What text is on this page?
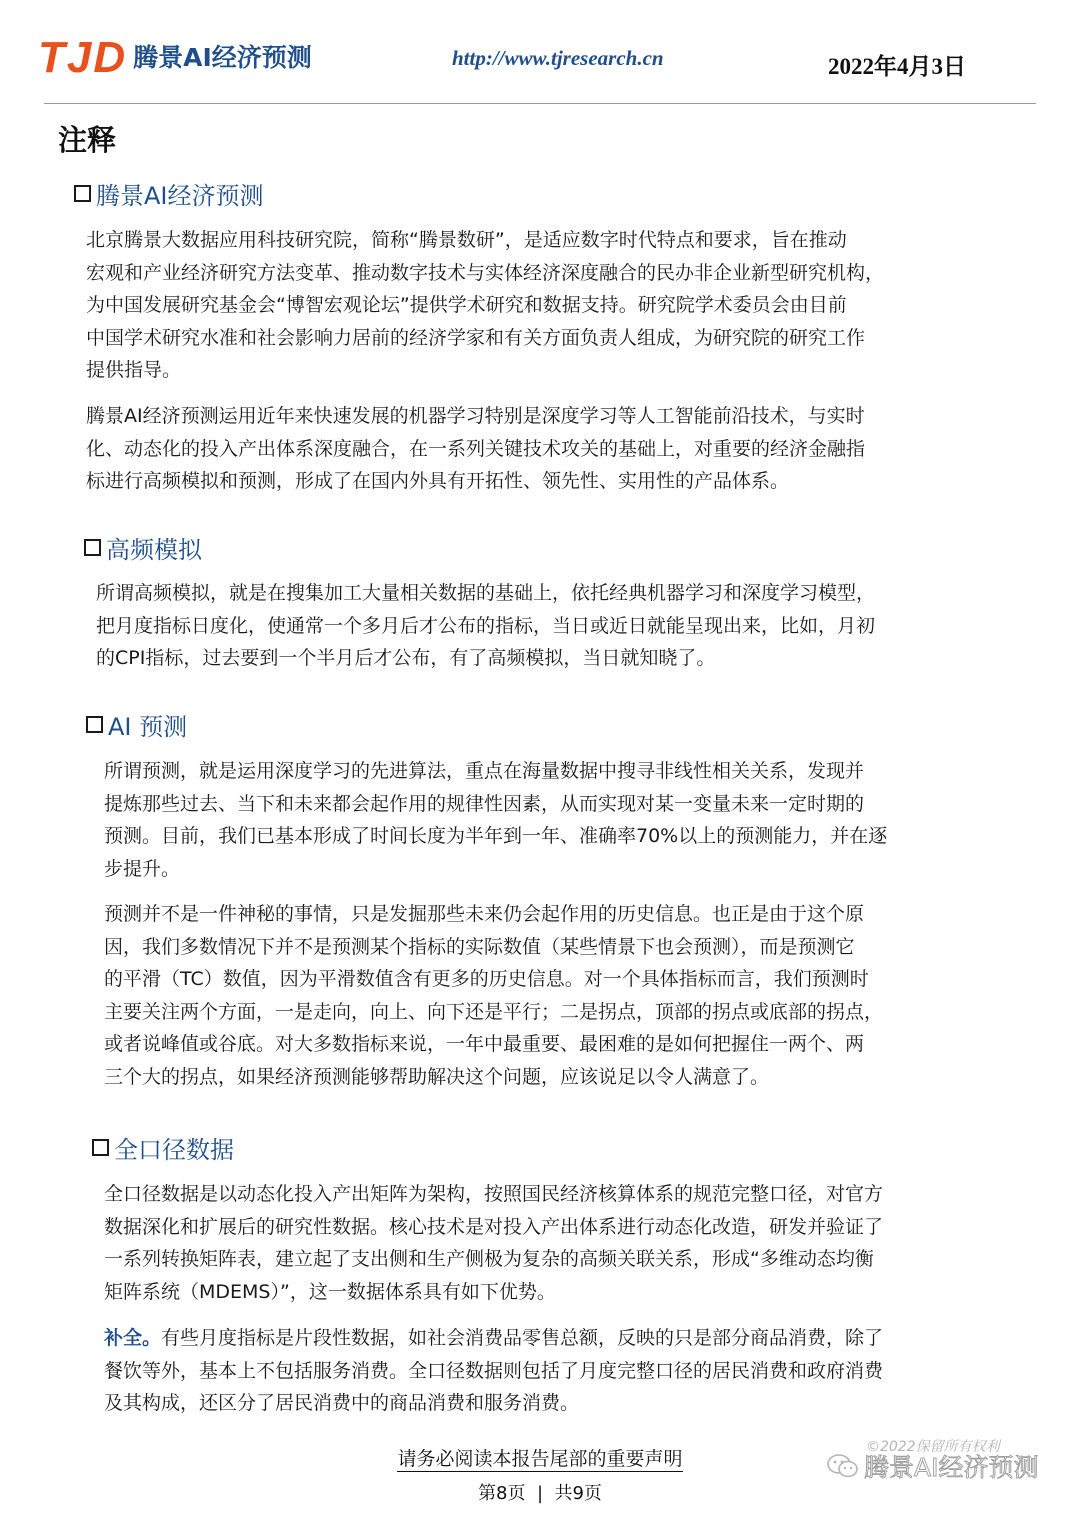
TJD 腾景AI经济预测	http://www.tjresearch.cn	2022年4月3日
注释
腾景AI经济预测

北京腾景大数据应用科技研究院，简称“腾景数研”，是适应数字时代特点和要求，旨在推动
宏观和产业经济研究方法变革、推动数字技术与实体经济深度融合的民办非企业新型研究机构，
为中国发展研究基金会“博智宏观论坛”提供学术研究和数据支持。研究院学术委员会由目前
中国学术研究水准和社会影响力居前的经济学家和有关方面负责人组成，为研究院的研究工作
提供指导。

腾景AI经济预测运用近年来快速发展的机器学习特别是深度学习等人工智能前沿技术，与实时
化、动态化的投入产出体系深度融合，在一系列关键技术攻关的基础上，对重要的经济金融指
标进行高频模拟和预测，形成了在国内外具有开拓性、领先性、实用性的产品体系。

高频模拟

所谓高频模拟，就是在搜集加工大量相关数据的基础上，依托经典机器学习和深度学习模型，
把月度指标日度化，使通常一个多月后才公布的指标，当日或近日就能呈现出来，比如，月初
的CPI指标，过去要到一个半月后才公布，有了高频模拟，当日就知晓了。

AI 预测

所谓预测，就是运用深度学习的先进算法，重点在海量数据中搜寻非线性相关关系，发现并
提炼那些过去、当下和未来都会起作用的规律性因素，从而实现对某一变量未来一定时期的
预测。目前，我们已基本形成了时间长度为半年到一年、准确率70%以上的预测能力，并在逐
步提升。

预测并不是一件神秘的事情，只是发掘那些未来仍会起作用的历史信息。也正是由于这个原
因，我们多数情况下并不是预测某个指标的实际数值（某些情景下也会预测），而是预测它
的平滑（TC）数值，因为平滑数值含有更多的历史信息。对一个具体指标而言，我们预测时
主要关注两个方面，一是走向，向上、向下还是平行；二是拐点，顶部的拐点或底部的拐点，
或者说峰值或谷底。对大多数指标来说，一年中最重要、最困难的是如何把握住一两个、两
三个大的拐点，如果经济预测能够帮助解决这个问题，应该说足以令人满意了。

全口径数据

全口径数据是以动态化投入产出矩阵为架构，按照国民经济核算体系的规范完整口径，对官方
数据深化和扩展后的研究性数据。核心技术是对投入产出体系进行动态化改造，研发并验证了
一系列转换矩阵表，建立起了支出侧和生产侧极为复杂的高频关联关系，形成“多维动态均衡
矩阵系统（MDEMS）”，这一数据体系具有如下优势。

补全。有些月度指标是片段性数据，如社会消费品零售总额，反映的只是部分商品消费，除了
餐饮等外，基本上不包括服务消费。全口径数据则包括了月度完整口径的居民消费和政府消费
及其构成，还区分了居民消费中的商品消费和服务消费。

请务必阅读本报告尾部的重要声明
第8页  |  共9页
腾景AI经济预测
©2022保留所有权利
